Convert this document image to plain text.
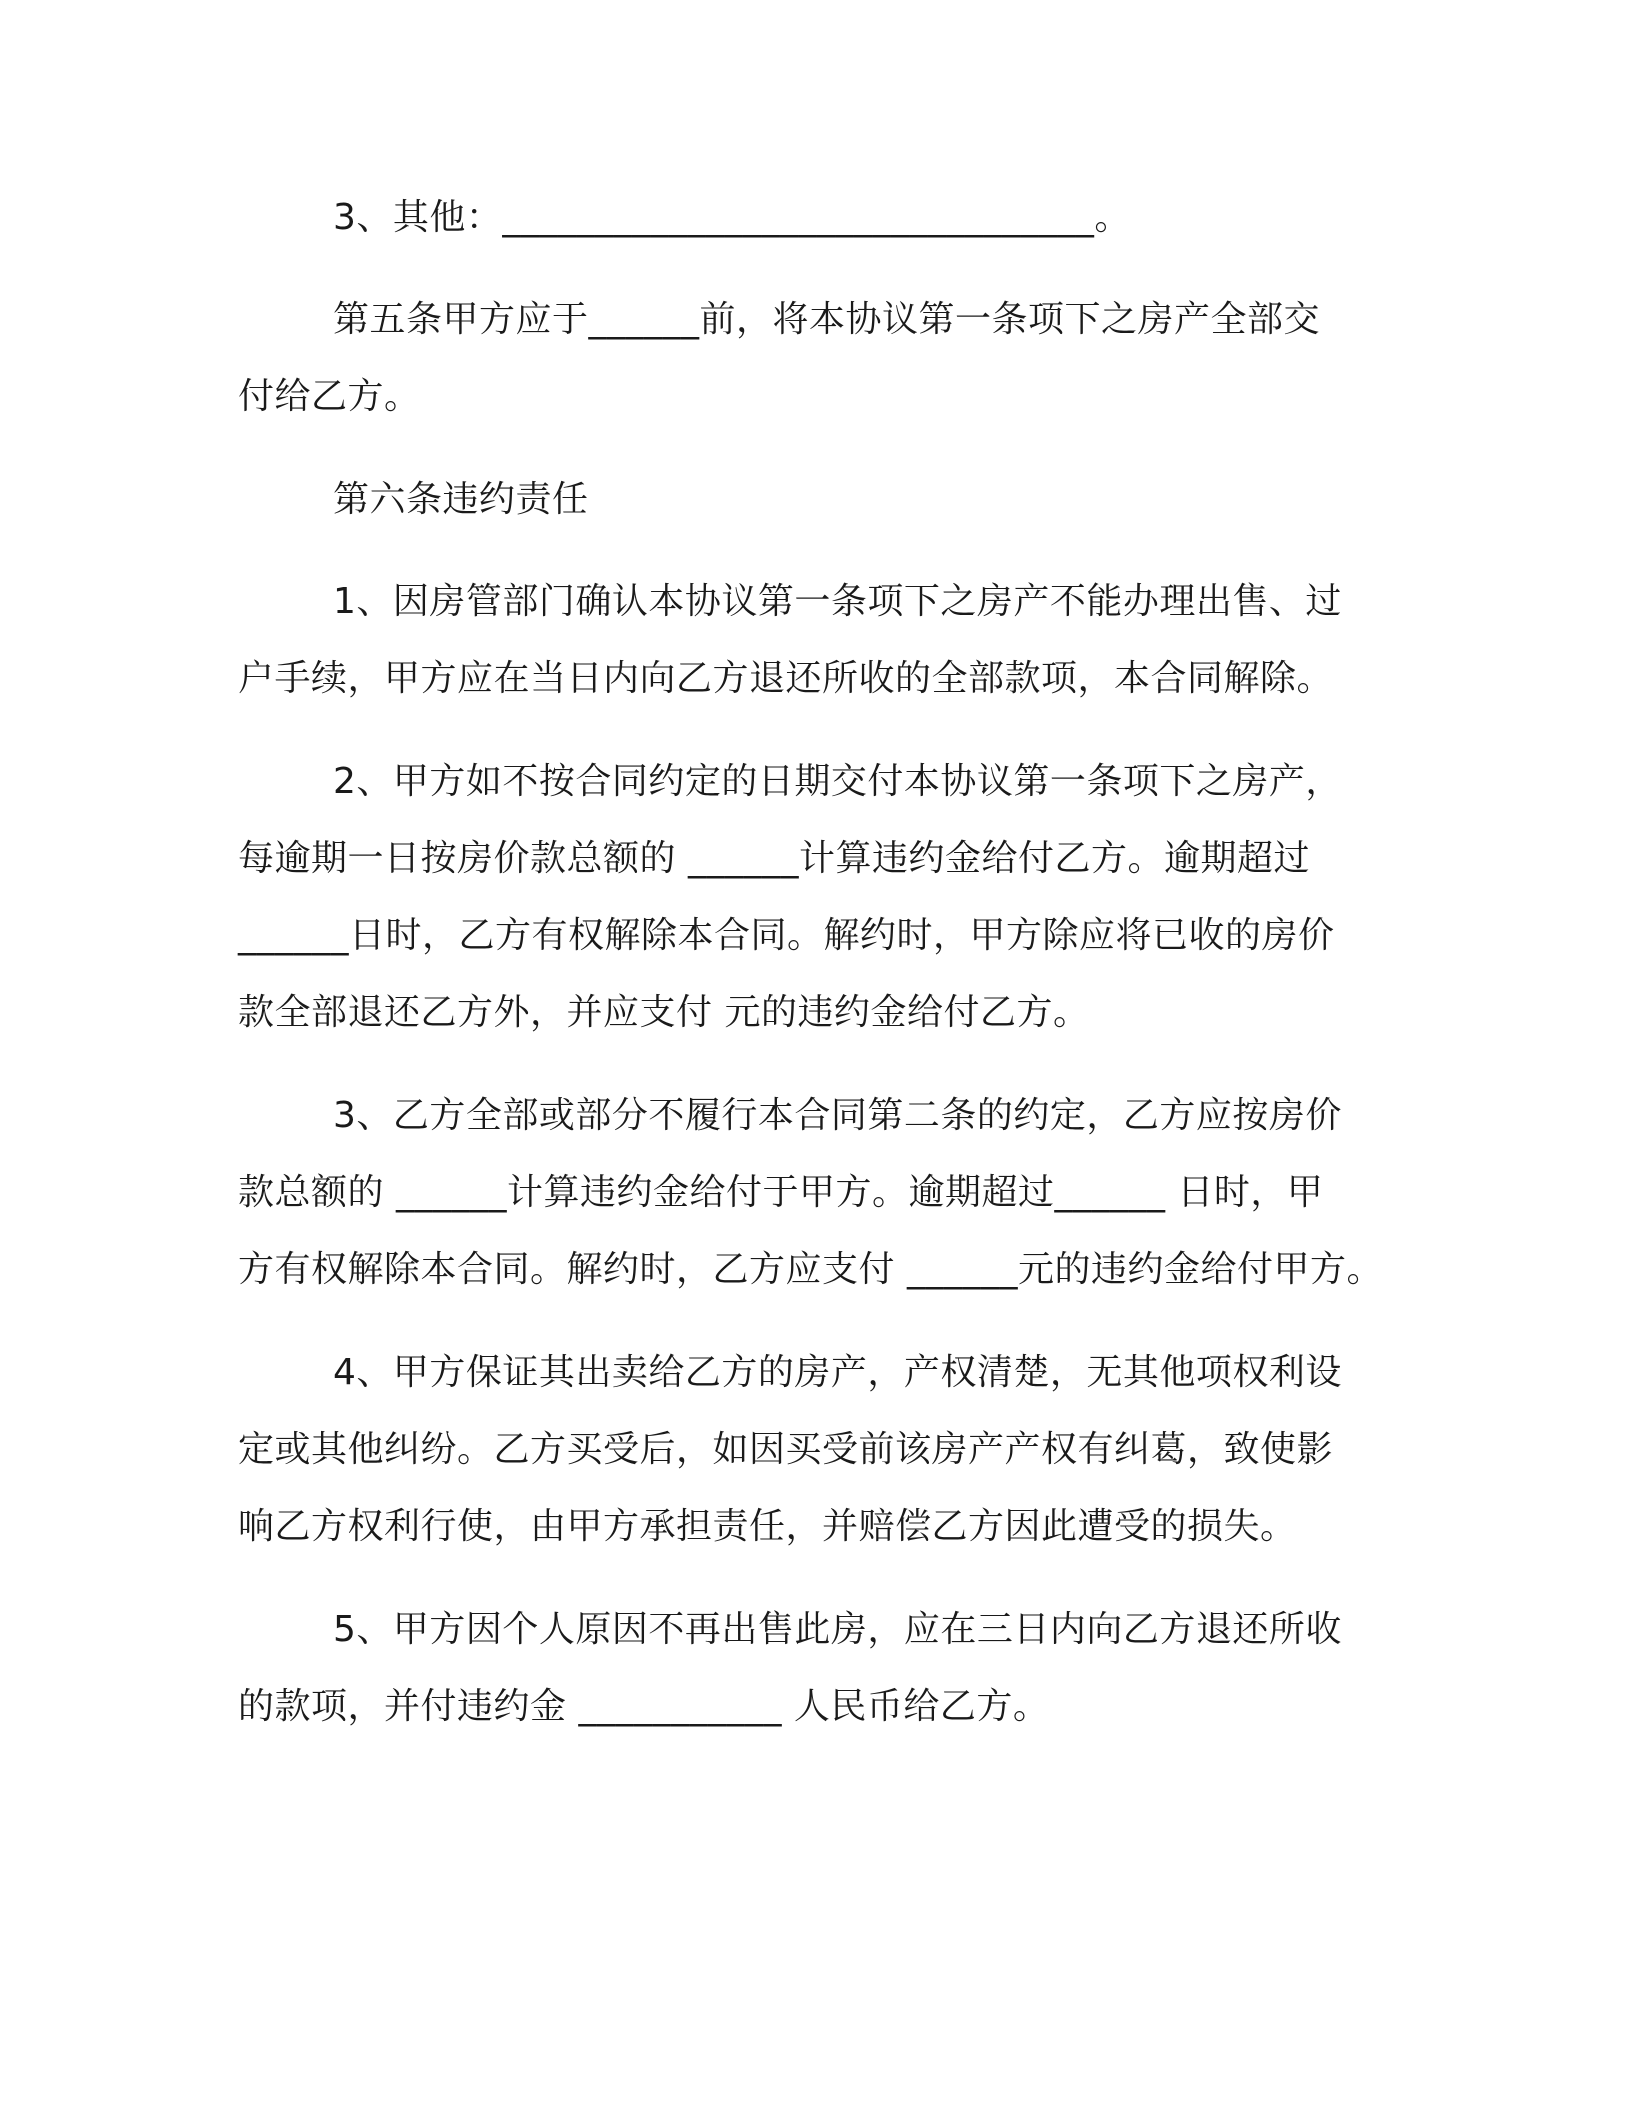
3、其他：________________________________。
第五条甲方应于______前，将本协议第一条项下之房产全部交
付给乙方。
第六条违约责任
1、因房管部门确认本协议第一条项下之房产不能办理出售、过
户手续，甲方应在当日内向乙方退还所收的全部款项，本合同解除。
2、甲方如不按合同约定的日期交付本协议第一条项下之房产，
每逾期一日按房价款总额的 ______计算违约金给付乙方。逾期超过
______日时，乙方有权解除本合同。解约时，甲方除应将已收的房价
款全部退还乙方外，并应支付 元的违约金给付乙方。
3、乙方全部或部分不履行本合同第二条的约定，乙方应按房价
款总额的 ______计算违约金给付于甲方。逾期超过______ 日时，甲
方有权解除本合同。解约时，乙方应支付 ______元的违约金给付甲方。
4、甲方保证其出卖给乙方的房产，产权清楚，无其他项权利设
定或其他纠纷。乙方买受后，如因买受前该房产产权有纠葛，致使影
响乙方权利行使，由甲方承担责任，并赔偿乙方因此遭受的损失。
5、甲方因个人原因不再出售此房，应在三日内向乙方退还所收
的款项，并付违约金 ___________ 人民币给乙方。
